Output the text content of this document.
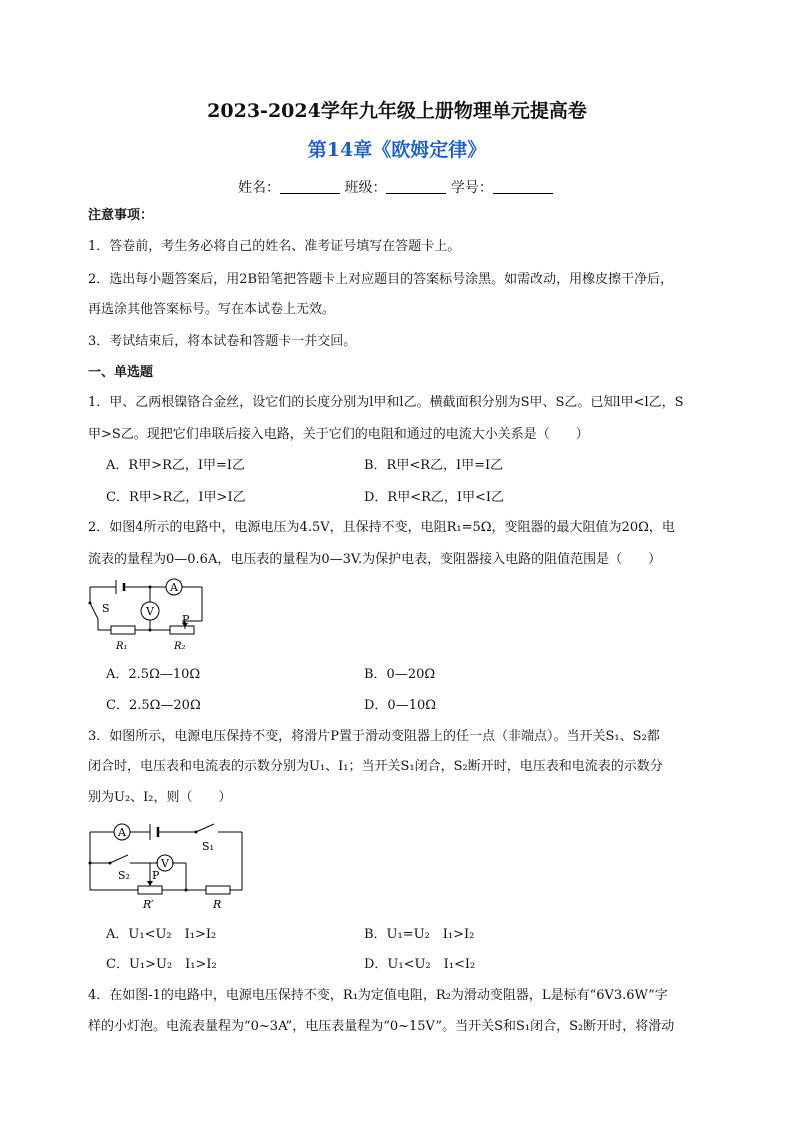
2023-2024学年九年级上册物理单元提高卷
第14章《欧姆定律》
姓名：	班级：	学号：
注意事项：
1．答卷前，考生务必将自己的姓名、准考证号填写在答题卡上。
2．选出每小题答案后，用2B铅笔把答题卡上对应题目的答案标号涂黑。如需改动，用橡皮擦干净后，
再选涂其他答案标号。写在本试卷上无效。
3．考试结束后，将本试卷和答题卡一并交回。
一、单选题
1．甲、乙两根镍铬合金丝，设它们的长度分别为l甲和l乙。横截面积分别为S甲、S乙。已知l甲<l乙，S
甲>S乙。现把它们串联后接入电路，关于它们的电阻和通过的电流大小关系是（　　）
A．R甲>R乙，I甲=I乙	B．R甲<R乙，I甲=I乙
C．R甲>R乙，I甲>I乙	D．R甲<R乙，I甲<I乙
2．如图4所示的电路中，电源电压为4.5V，且保持不变，电阻R₁=5Ω，变阻器的最大阻值为20Ω，电
流表的量程为0—0.6A，电压表的量程为0—3V.为保护电表，变阻器接入电路的阻值范围是（　　）
A
V
S
P
R₁	R₂
A．2.5Ω—10Ω	B．0—20Ω
C．2.5Ω—20Ω	D．0—10Ω
3．如图所示，电源电压保持不变，将滑片P置于滑动变阻器上的任一点（非端点）。当开关S₁、S₂都
闭合时，电压表和电流表的示数分别为U₁、I₁；当开关S₁闭合，S₂断开时，电压表和电流表的示数分
别为U₂、I₂，则（　　）
A
V
S₁
S₂ P
R′	R
A．U₁<U₂　I₁>I₂	B．U₁=U₂　I₁>I₂
C．U₁>U₂　I₁>I₂	D．U₁<U₂　I₁<I₂
4．在如图-1的电路中，电源电压保持不变，R₁为定值电阻，R₂为滑动变阻器，L是标有“6V3.6W”字
样的小灯泡。电流表量程为“0~3A”，电压表量程为“0~15V”。当开关S和S₁闭合，S₂断开时，将滑动
